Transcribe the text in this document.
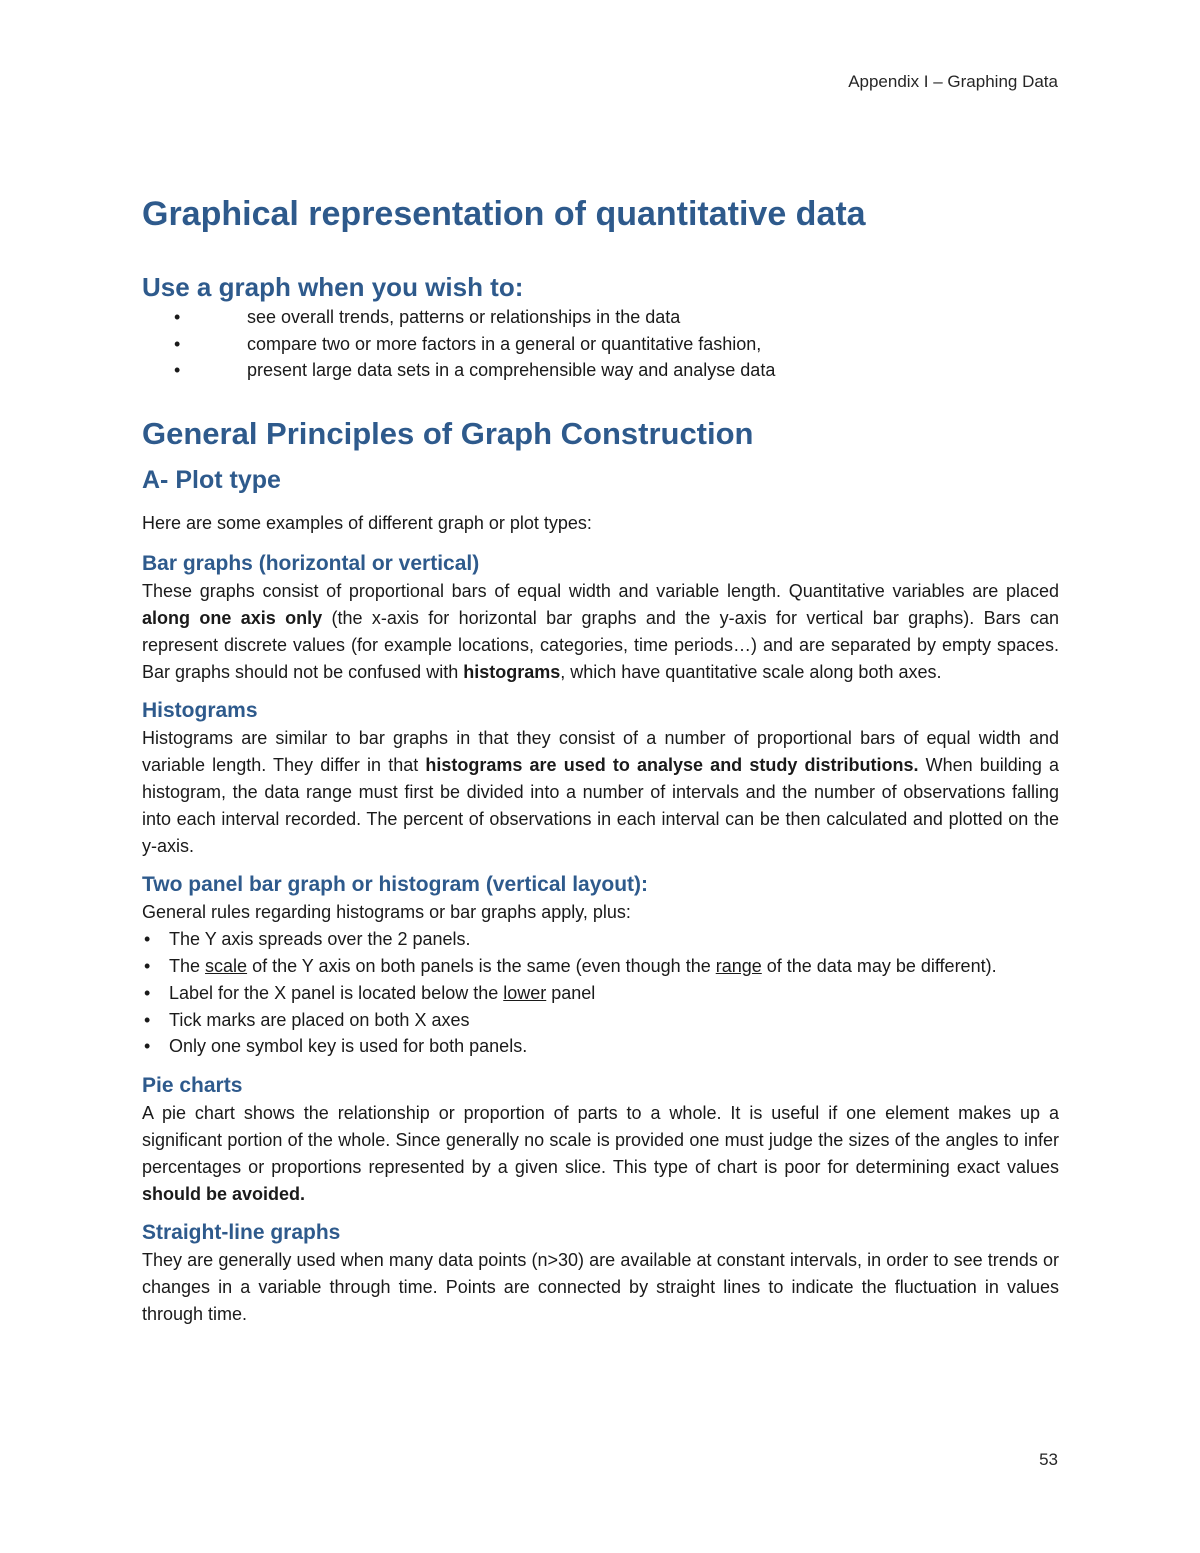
Appendix I – Graphing Data
Graphical representation of quantitative data
Use a graph when you wish to:
• see overall trends, patterns or relationships in the data
• compare two or more factors in a general or quantitative fashion,
• present large data sets in a comprehensible way and analyse data
General Principles of Graph Construction
A- Plot type

Here are some examples of different graph or plot types:

Bar graphs (horizontal or vertical)

These graphs consist of proportional bars of equal width and variable length. Quantitative variables are placed along one axis only (the x-axis for horizontal bar graphs and the y-axis for vertical bar graphs). Bars can represent discrete values (for example locations, categories, time periods…) and are separated by empty spaces. Bar graphs should not be confused with histograms, which have quantitative scale along both axes.

Histograms

Histograms are similar to bar graphs in that they consist of a number of proportional bars of equal width and variable length. They differ in that histograms are used to analyse and study distributions. When building a histogram, the data range must first be divided into a number of intervals and the number of observations falling into each interval recorded. The percent of observations in each interval can be then calculated and plotted on the y-axis.

Two panel bar graph or histogram (vertical layout):

General rules regarding histograms or bar graphs apply, plus:

• The Y axis spreads over the 2 panels.
• The scale of the Y axis on both panels is the same (even though the range of the data may be different).
• Label for the X panel is located below the lower panel
• Tick marks are placed on both X axes
• Only one symbol key is used for both panels.
Pie charts

A pie chart shows the relationship or proportion of parts to a whole. It is useful if one element makes up a significant portion of the whole. Since generally no scale is provided one must judge the sizes of the angles to infer percentages or proportions represented by a given slice. This type of chart is poor for determining exact values should be avoided.

Straight-line graphs

They are generally used when many data points (n>30) are available at constant intervals, in order to see trends or changes in a variable through time. Points are connected by straight lines to indicate the fluctuation in values through time.

53
